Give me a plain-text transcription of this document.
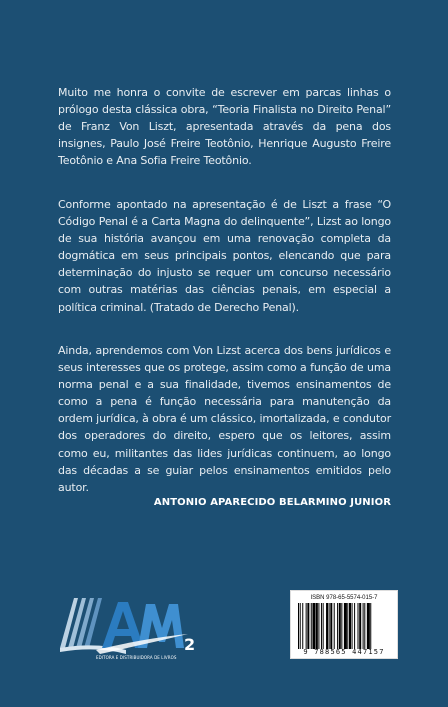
Muito me honra o convite de escrever em parcas linhas o prólogo desta clássica obra, “Teoria Finalista no Direito Penal” de Franz Von Liszt, apresentada através da pena dos insignes, Paulo José Freire Teotônio, Henrique Augusto Freire Teotônio e Ana Sofia Freire Teotônio.
Conforme apontado na apresentação é de Liszt a frase “O Código Penal é a Carta Magna do delinquente”, Lizst ao longo de sua história avançou em uma renovação completa da dogmática em seus principais pontos, elencando que para determinação do injusto se requer um concurso necessário com outras matérias das ciências penais, em especial a política criminal. (Tratado de Derecho Penal).
Ainda, aprendemos com Von Lizst acerca dos bens jurídicos e seus interesses que os protege, assim como a função de uma norma penal e a sua finalidade, tivemos ensinamentos de como a pena é função necessária para manutenção da ordem jurídica, à obra é um clássico, imortalizada, e condutor dos operadores do direito, espero que os leitores, assim como eu, militantes das lides jurídicas continuem, ao longo das décadas a se guiar pelos ensinamentos emitidos pelo autor.
ANTONIO APARECIDO BELARMINO JUNIOR
2
EDITORA E DISTRIBUIDORA DE LIVROS
ISBN 978-65-5574-015-7
9 788565 447157
